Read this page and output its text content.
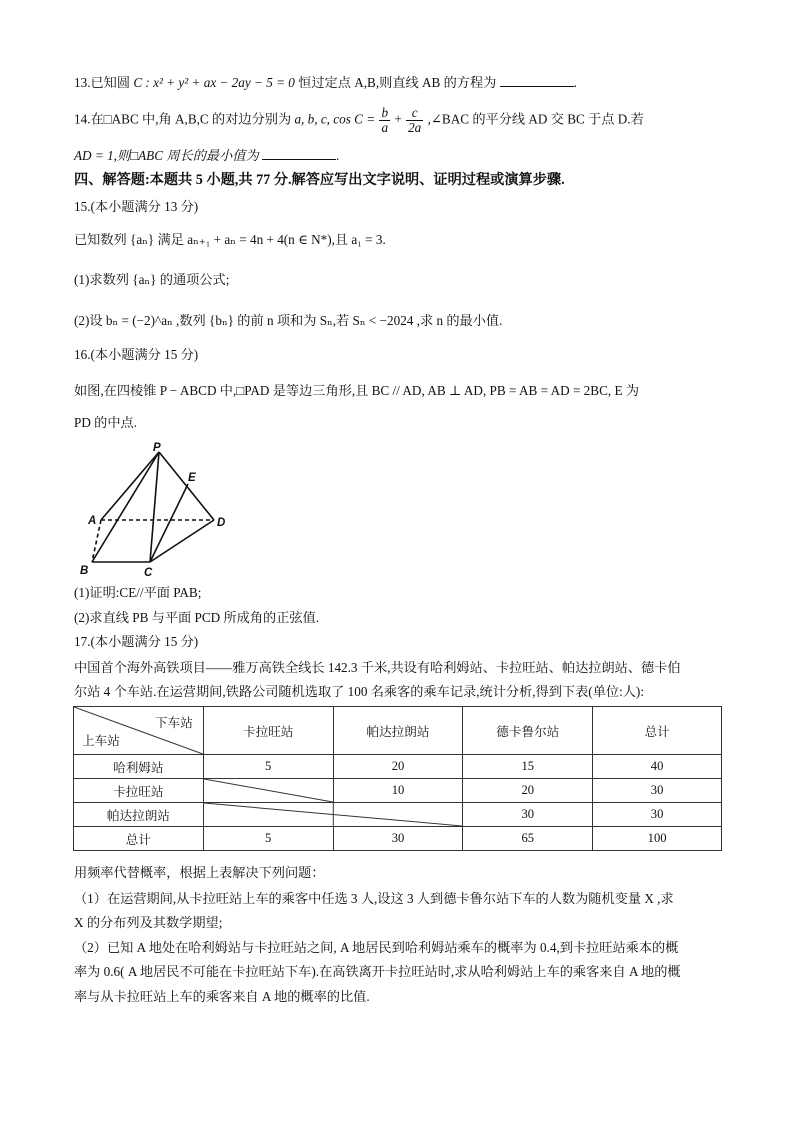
13.已知圆 C : x² + y² + ax − 2ay − 5 = 0 恒过定点 A,B,则直线 AB 的方程为	.
14.在□ABC 中,角 A,B,C 的对边分别为 a, b, c, $\cos C = \frac{b}{a} + \frac{c}{2a}$ ,∠BAC 的平分线 AD 交 BC 于点 D.若
AD = 1,则□ABC 周长的最小值为	.
四、解答题:本题共 5 小题,共 77 分.解答应写出文字说明、证明过程或演算步骤.
15.(本小题满分 13 分)
已知数列 {aₙ} 满足 aₙ₊₁ + aₙ = 4n + 4(n ∈ N*),且 a₁ = 3.
(1)求数列 {aₙ} 的通项公式;
(2)设 bₙ = (−2)^aₙ ,数列 {bₙ} 的前 n 项和为 Sₙ,若 Sₙ < −2024 ,求 n 的最小值.
16.(本小题满分 15 分)
如图,在四棱锥 P − ABCD 中,□PAD 是等边三角形,且 BC // AD, AB ⊥ AD, PB = AB = AD = 2BC, E 为
PD 的中点.
P
E
A	D
B	C
(1)证明:CE//平面 PAB;
(2)求直线 PB 与平面 PCD 所成角的正弦值.
17.(本小题满分 15 分)
中国首个海外高铁项目——雅万高铁全线长 142.3 千米,共设有哈利姆站、卡拉旺站、帕达拉朗站、德卡伯
尔站 4 个车站.在运营期间,铁路公司随机选取了 100 名乘客的乘车记录,统计分析,得到下表(单位:人):
下车站
上车站	卡拉旺站	帕达拉朗站	德卡鲁尔站	总计
哈利姆站	5	20	15	40
卡拉旺站		10	20	30
帕达拉朗站			30	30
总计	5	30	65	100
用频率代替概率，根据上表解决下列问题：
（1）在运营期间,从卡拉旺站上车的乘客中任选 3 人,设这 3 人到德卡鲁尔站下车的人数为随机变量 X ,求
X 的分布列及其数学期望;
（2）已知 A 地处在哈利姆站与卡拉旺站之间, A 地居民到哈利姆站乘车的概率为 0.4,到卡拉旺站乘本的概
率为 0.6( A 地居民不可能在卡拉旺站下车).在高铁离开卡拉旺站时,求从哈利姆站上车的乘客来自 A 地的概
率与从卡拉旺站上车的乘客来自 A 地的概率的比值.
